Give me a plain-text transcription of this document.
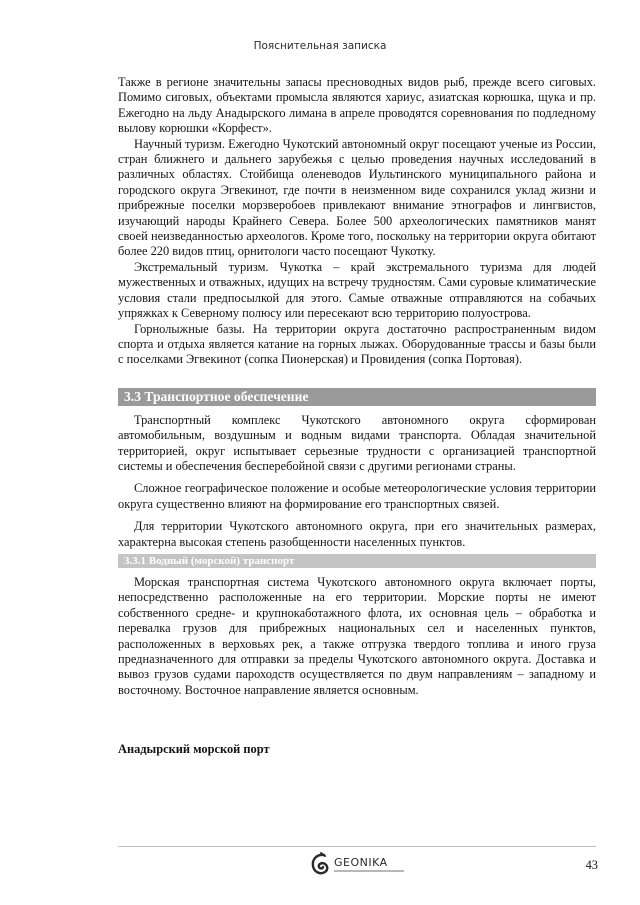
Пояснительная записка

Также в регионе значительны запасы пресноводных видов рыб, прежде всего сиговых. Помимо сиговых, объектами промысла являются хариус, азиатская корюшка, щука и пр. Ежегодно на льду Анадырского лимана в апреле проводятся соревнования по подледному вылову корюшки «Корфест».

Научный туризм. Ежегодно Чукотский автономный округ посещают ученые из России, стран ближнего и дальнего зарубежья с целью проведения научных исследований в различных областях. Стойбища оленеводов Иультинского муниципального района и городского округа Эгвекинот, где почти в неизменном виде сохранился уклад жизни и прибрежные поселки морзверобоев привлекают внимание этнографов и лингвистов, изучающий народы Крайнего Севера. Более 500 археологических памятников манят своей неизведанностью археологов. Кроме того, поскольку на территории округа обитают более 220 видов птиц, орнитологи часто посещают Чукотку.

Экстремальный туризм. Чукотка – край экстремального туризма для людей мужественных и отважных, идущих на встречу трудностям. Сами суровые климатические условия стали предпосылкой для этого. Самые отважные отправляются на собачьих упряжках к Северному полюсу или пересекают всю территорию полуострова.

Горнолыжные базы. На территории округа достаточно распространенным видом спорта и отдыха является катание на горных лыжах. Оборудованные трассы и базы были с поселками Эгвекинот (сопка Пионерская) и Провидения (сопка Портовая).

3.3 Транспортное обеспечение

Транспортный комплекс Чукотского автономного округа сформирован автомобильным, воздушным и водным видами транспорта. Обладая значительной территорией, округ испытывает серьезные трудности с организацией транспортной системы и обеспечения бесперебойной связи с другими регионами страны.

Сложное географическое положение и особые метеорологические условия территории округа существенно влияют на формирование его транспортных связей.

Для территории Чукотского автономного округа, при его значительных размерах, характерна высокая степень разобщенности населенных пунктов.

3.3.1 Водный (морской) транспорт

Морская транспортная система Чукотского автономного округа включает порты, непосредственно расположенные на его территории. Морские порты не имеют собственного средне- и крупнокаботажного флота, их основная цель – обработка и перевалка грузов для прибрежных национальных сел и населенных пунктов, расположенных в верховьях рек, а также отгрузка твердого топлива и иного груза предназначенного для отправки за пределы Чукотского автономного округа. Доставка и вывоз грузов судами пароходств осуществляется по двум направлениям – западному и восточному. Восточное направление является основным.

Анадырский морской порт

GEONIKA	43
